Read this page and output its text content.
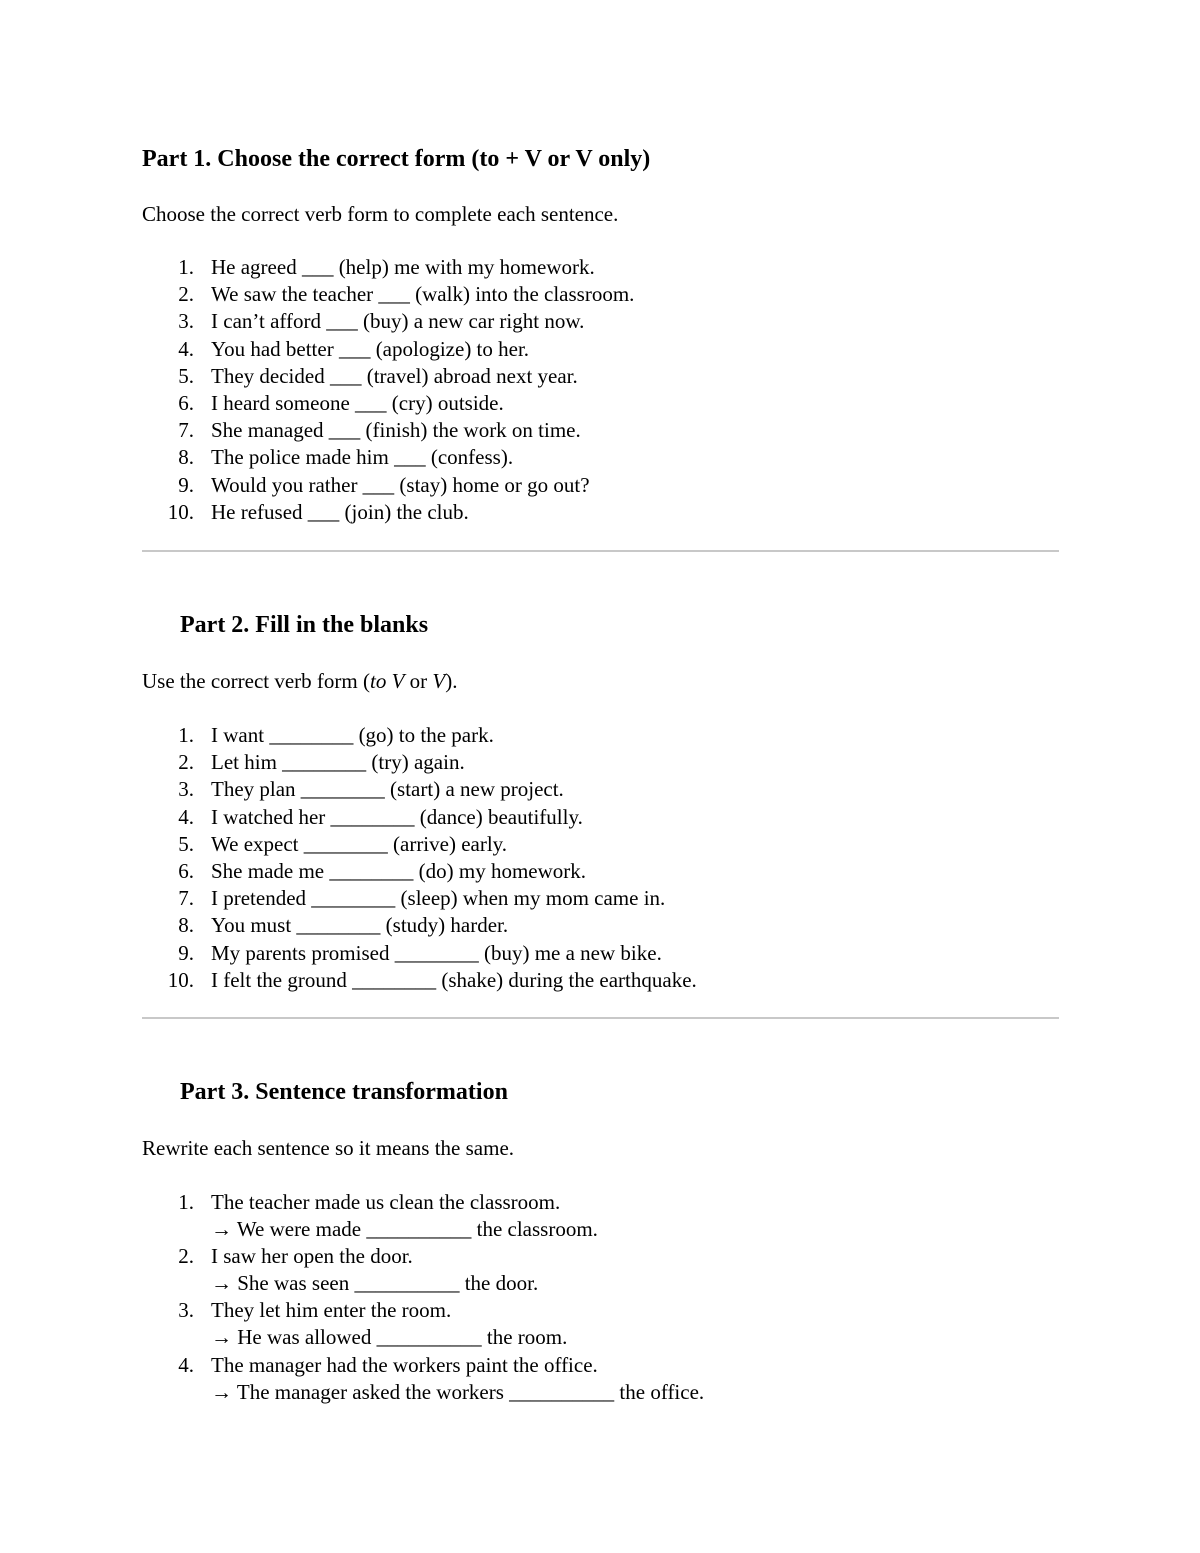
Part 1. Choose the correct form (to + V or V only)

Choose the correct verb form to complete each sentence.

1. He agreed ___ (help) me with my homework.
2. We saw the teacher ___ (walk) into the classroom.
3. I can’t afford ___ (buy) a new car right now.
4. You had better ___ (apologize) to her.
5. They decided ___ (travel) abroad next year.
6. I heard someone ___ (cry) outside.
7. She managed ___ (finish) the work on time.
8. The police made him ___ (confess).
9. Would you rather ___ (stay) home or go out?
10. He refused ___ (join) the club.
Part 2. Fill in the blanks

Use the correct verb form (to V or V).

1. I want ________ (go) to the park.
2. Let him ________ (try) again.
3. They plan ________ (start) a new project.
4. I watched her ________ (dance) beautifully.
5. We expect ________ (arrive) early.
6. She made me ________ (do) my homework.
7. I pretended ________ (sleep) when my mom came in.
8. You must ________ (study) harder.
9. My parents promised ________ (buy) me a new bike.
10. I felt the ground ________ (shake) during the earthquake.
Part 3. Sentence transformation

Rewrite each sentence so it means the same.

1. The teacher made us clean the classroom.
→ We were made __________ the classroom.
2. I saw her open the door.
→ She was seen __________ the door.
3. They let him enter the room.
→ He was allowed __________ the room.
4. The manager had the workers paint the office.
→ The manager asked the workers __________ the office.
